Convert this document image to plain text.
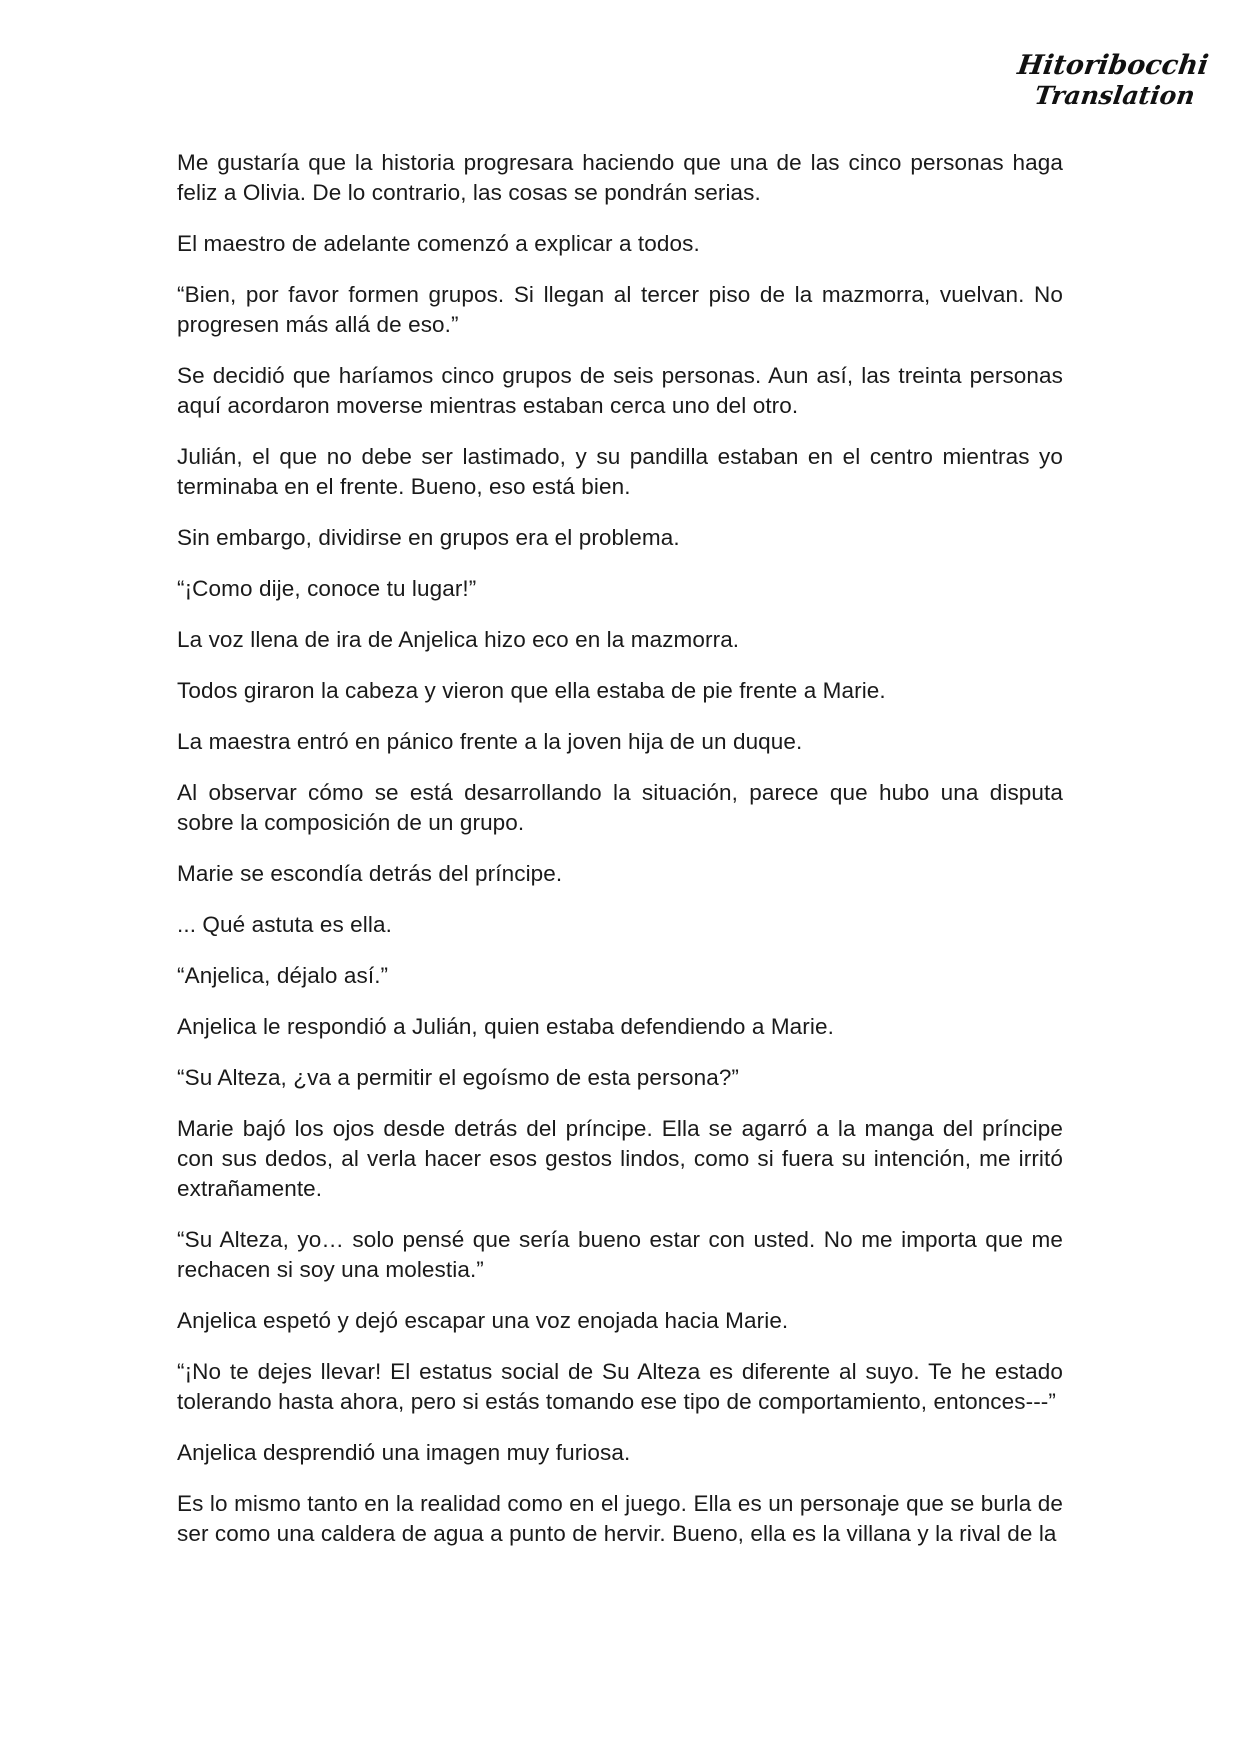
Hitoribocchi
Translation

Me gustaría que la historia progresara haciendo que una de las cinco personas haga feliz a Olivia. De lo contrario, las cosas se pondrán serias.

El maestro de adelante comenzó a explicar a todos.

“Bien, por favor formen grupos. Si llegan al tercer piso de la mazmorra, vuelvan. No progresen más allá de eso.”

Se decidió que haríamos cinco grupos de seis personas. Aun así, las treinta personas aquí acordaron moverse mientras estaban cerca uno del otro.

Julián, el que no debe ser lastimado, y su pandilla estaban en el centro mientras yo terminaba en el frente. Bueno, eso está bien.

Sin embargo, dividirse en grupos era el problema.

“¡Como dije, conoce tu lugar!”

La voz llena de ira de Anjelica hizo eco en la mazmorra.

Todos giraron la cabeza y vieron que ella estaba de pie frente a Marie.

La maestra entró en pánico frente a la joven hija de un duque.

Al observar cómo se está desarrollando la situación, parece que hubo una disputa sobre la composición de un grupo.

Marie se escondía detrás del príncipe.

... Qué astuta es ella.

“Anjelica, déjalo así.”

Anjelica le respondió a Julián, quien estaba defendiendo a Marie.

“Su Alteza, ¿va a permitir el egoísmo de esta persona?”

Marie bajó los ojos desde detrás del príncipe. Ella se agarró a la manga del príncipe con sus dedos, al verla hacer esos gestos lindos, como si fuera su intención, me irritó extrañamente.

“Su Alteza, yo… solo pensé que sería bueno estar con usted. No me importa que me rechacen si soy una molestia.”

Anjelica espetó y dejó escapar una voz enojada hacia Marie.

“¡No te dejes llevar! El estatus social de Su Alteza es diferente al suyo. Te he estado tolerando hasta ahora, pero si estás tomando ese tipo de comportamiento, entonces---”

Anjelica desprendió una imagen muy furiosa.

Es lo mismo tanto en la realidad como en el juego. Ella es un personaje que se burla de ser como una caldera de agua a punto de hervir. Bueno, ella es la villana y la rival de la
